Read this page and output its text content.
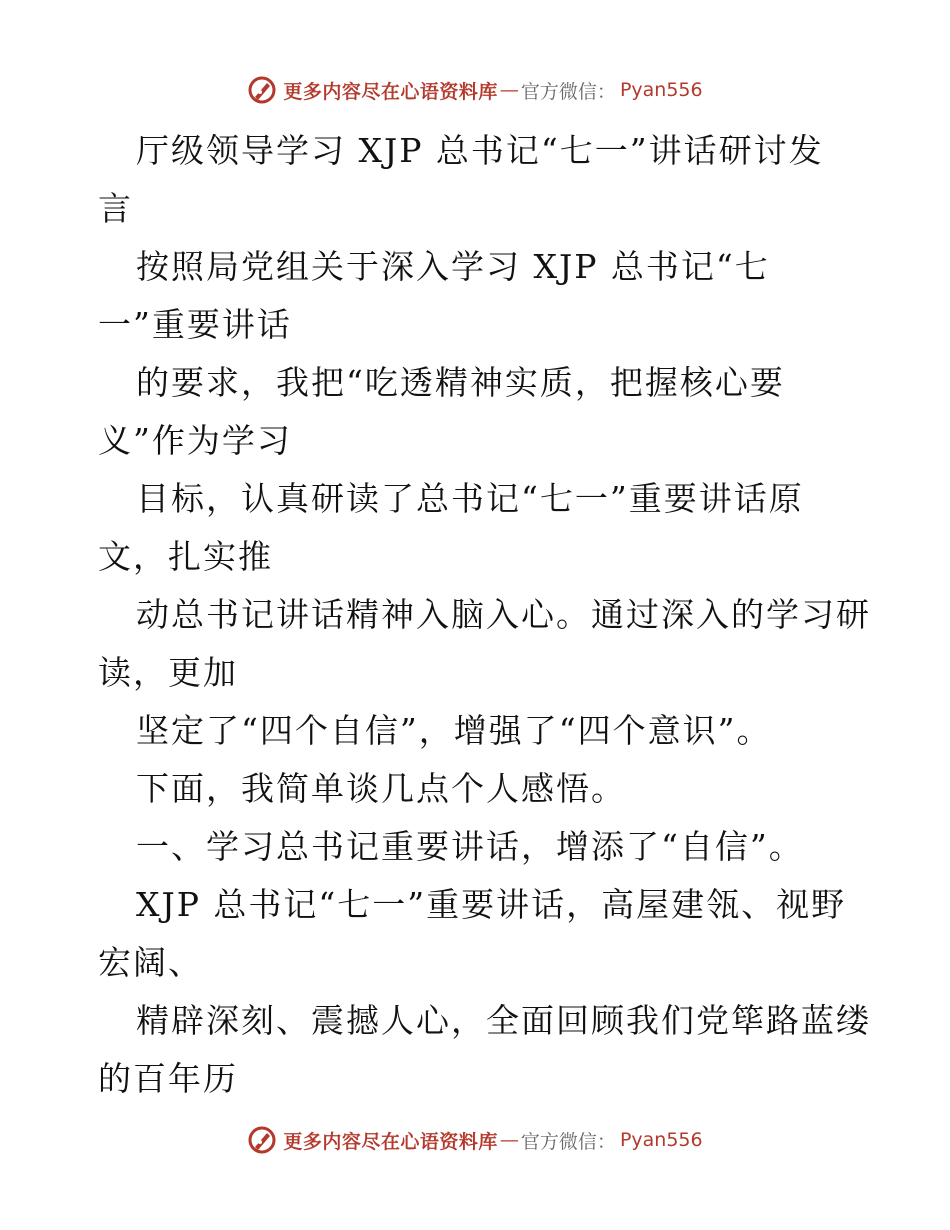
更多内容尽在心语资料库 — 官方微信： Pyan556
厅级领导学习 XJP 总书记“七一”讲话研讨发
言
按照局党组关于深入学习 XJP 总书记“七
一”重要讲话
的要求，我把“吃透精神实质，把握核心要
义”作为学习
目标，认真研读了总书记“七一”重要讲话原
文，扎实推
动总书记讲话精神入脑入心。通过深入的学习研
读，更加
坚定了“四个自信”，增强了“四个意识”。
下面，我简单谈几点个人感悟。
一、学习总书记重要讲话，增添了“自信”。
XJP 总书记“七一”重要讲话，高屋建瓴、视野
宏阔、
精辟深刻、震撼人心，全面回顾我们党筚路蓝缕
的百年历
更多内容尽在心语资料库 — 官方微信： Pyan556
